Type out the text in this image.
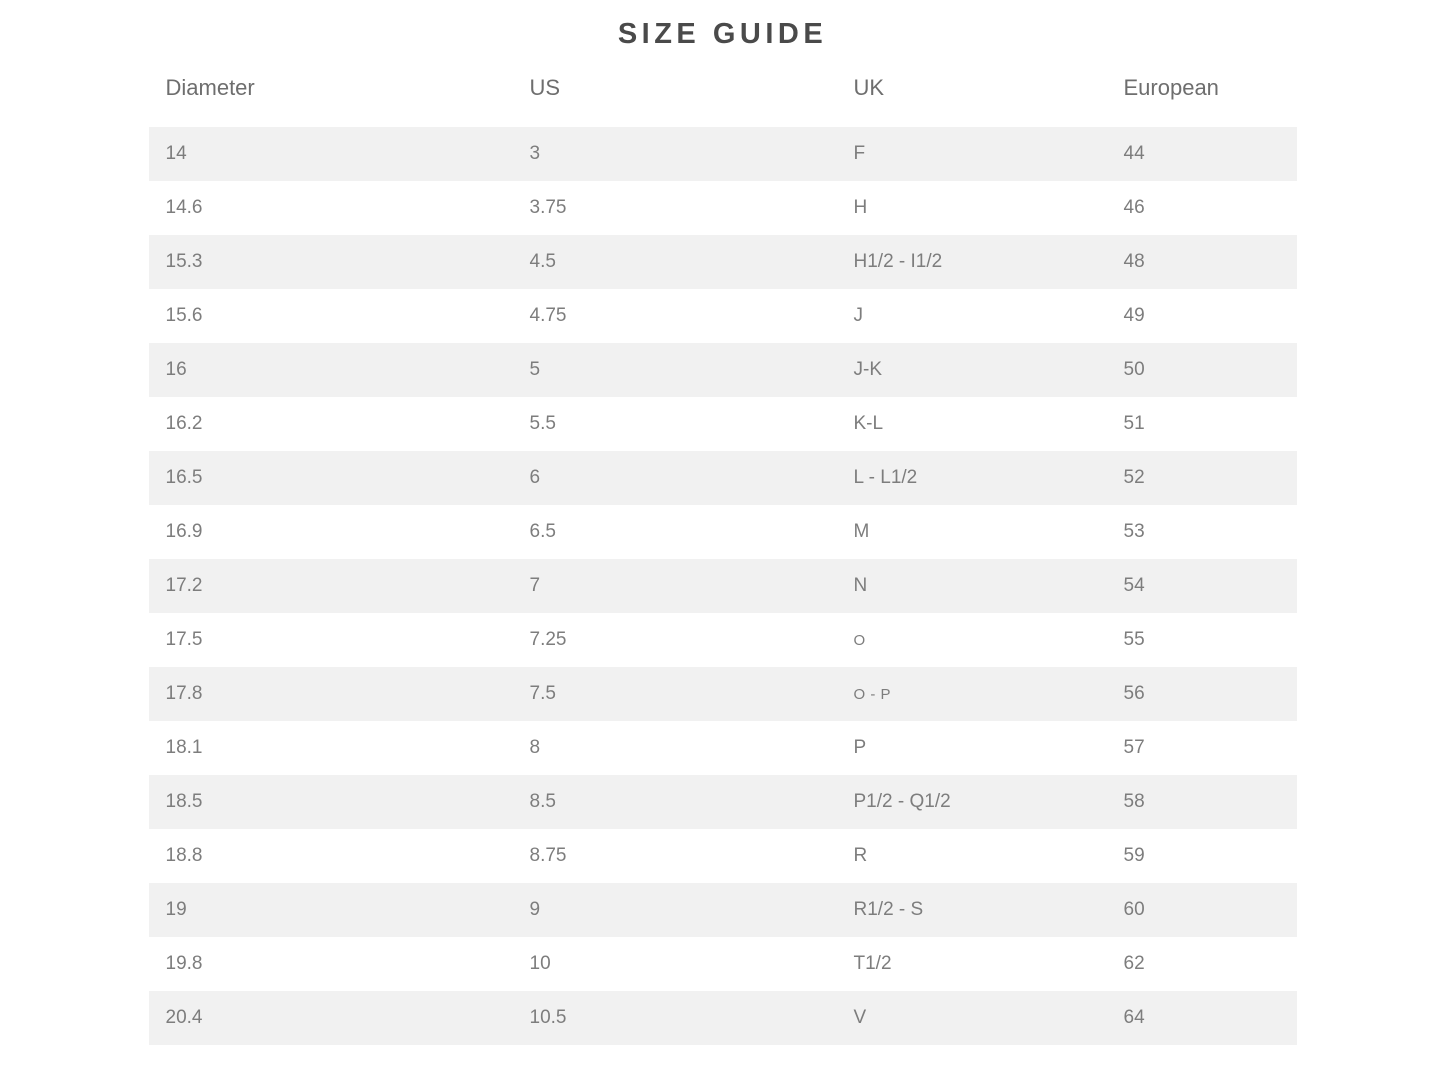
SIZE GUIDE
Diameter	US	UK	European
14	3	F	44
14.6	3.75	H	46
15.3	4.5	H1/2 - I1/2	48
15.6	4.75	J	49
16	5	J-K	50
16.2	5.5	K-L	51
16.5	6	L - L1/2	52
16.9	6.5	M	53
17.2	7	N	54
17.5	7.25	O	55
17.8	7.5	O - P	56
18.1	8	P	57
18.5	8.5	P1/2 - Q1/2	58
18.8	8.75	R	59
19	9	R1/2 - S	60
19.8	10	T1/2	62
20.4	10.5	V	64
